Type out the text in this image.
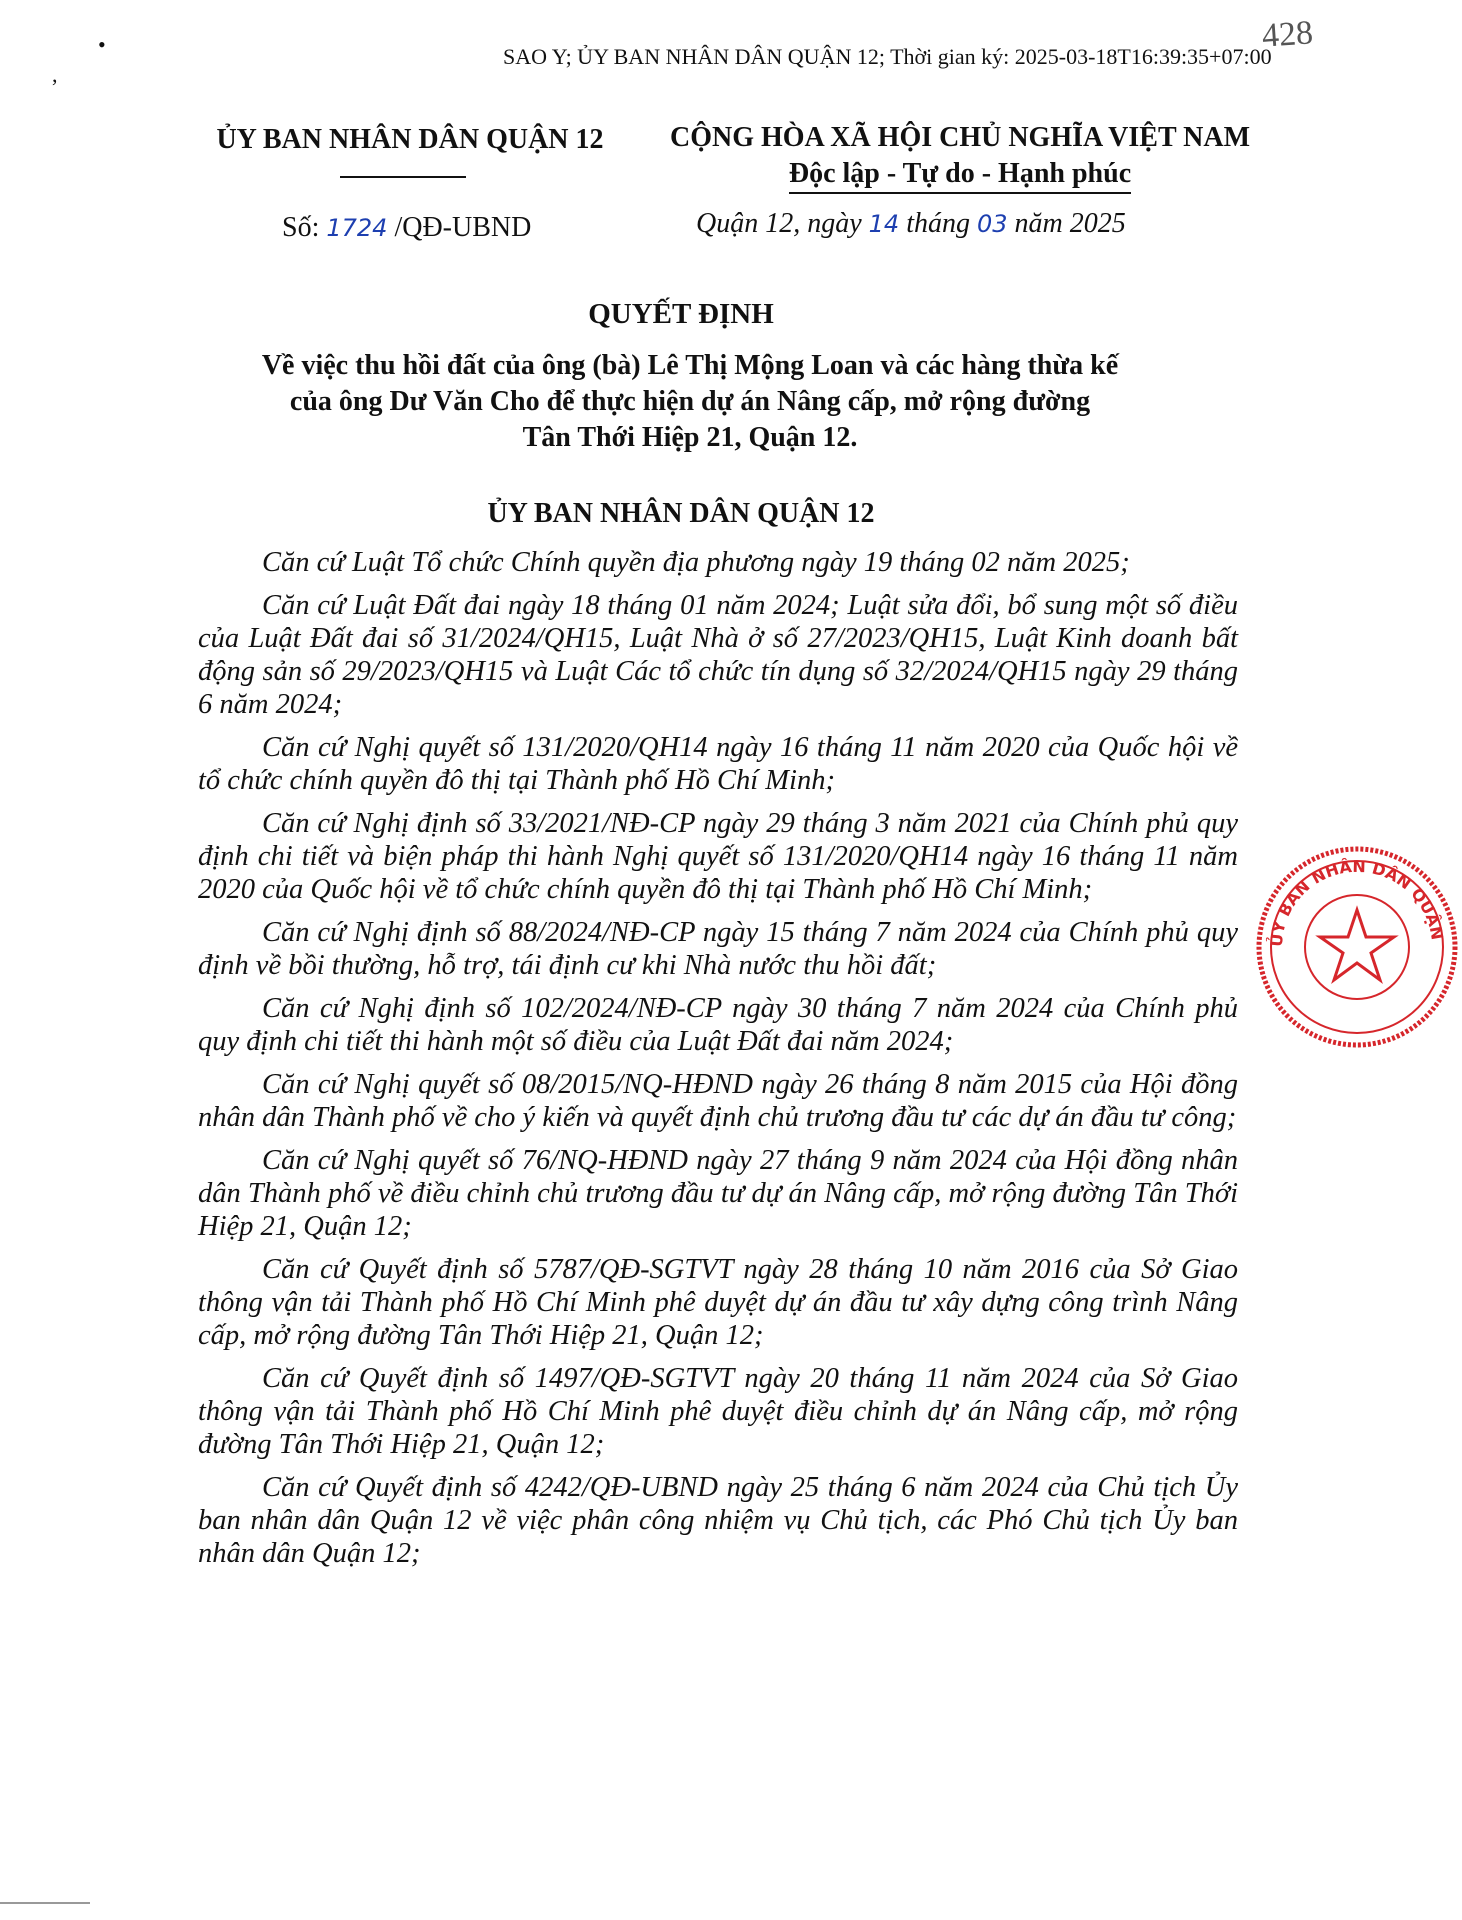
•
,
SAO Y; ỦY BAN NHÂN DÂN QUẬN 12; Thời gian ký: 2025-03-18T16:39:35+07:00
428
ỦY BAN NHÂN DÂN QUẬN 12	CỘNG HÒA XÃ HỘI CHỦ NGHĨA VIỆT NAM
Độc lập - Tự do - Hạnh phúc
Số: 1724 /QĐ-UBND	Quận 12, ngày 14 tháng 03 năm 2025
QUYẾT ĐỊNH
Về việc thu hồi đất của ông (bà) Lê Thị Mộng Loan và các hàng thừa kế
của ông Dư Văn Cho để thực hiện dự án Nâng cấp, mở rộng đường
Tân Thới Hiệp 21, Quận 12.
ỦY BAN NHÂN DÂN QUẬN 12

Căn cứ Luật Tổ chức Chính quyền địa phương ngày 19 tháng 02 năm 2025;

Căn cứ Luật Đất đai ngày 18 tháng 01 năm 2024; Luật sửa đổi, bổ sung một số điều của Luật Đất đai số 31/2024/QH15, Luật Nhà ở số 27/2023/QH15, Luật Kinh doanh bất động sản số 29/2023/QH15 và Luật Các tổ chức tín dụng số 32/2024/QH15 ngày 29 tháng 6 năm 2024;

Căn cứ Nghị quyết số 131/2020/QH14 ngày 16 tháng 11 năm 2020 của Quốc hội về tổ chức chính quyền đô thị tại Thành phố Hồ Chí Minh;

Căn cứ Nghị định số 33/2021/NĐ-CP ngày 29 tháng 3 năm 2021 của Chính phủ quy định chi tiết và biện pháp thi hành Nghị quyết số 131/2020/QH14 ngày 16 tháng 11 năm 2020 của Quốc hội về tổ chức chính quyền đô thị tại Thành phố Hồ Chí Minh;

Căn cứ Nghị định số 88/2024/NĐ-CP ngày 15 tháng 7 năm 2024 của Chính phủ quy định về bồi thường, hỗ trợ, tái định cư khi Nhà nước thu hồi đất;

Căn cứ Nghị định số 102/2024/NĐ-CP ngày 30 tháng 7 năm 2024 của Chính phủ quy định chi tiết thi hành một số điều của Luật Đất đai năm 2024;

Căn cứ Nghị quyết số 08/2015/NQ-HĐND ngày 26 tháng 8 năm 2015 của Hội đồng nhân dân Thành phố về cho ý kiến và quyết định chủ trương đầu tư các dự án đầu tư công;

Căn cứ Nghị quyết số 76/NQ-HĐND ngày 27 tháng 9 năm 2024 của Hội đồng nhân dân Thành phố về điều chỉnh chủ trương đầu tư dự án Nâng cấp, mở rộng đường Tân Thới Hiệp 21, Quận 12;

Căn cứ Quyết định số 5787/QĐ-SGTVT ngày 28 tháng 10 năm 2016 của Sở Giao thông vận tải Thành phố Hồ Chí Minh phê duyệt dự án đầu tư xây dựng công trình Nâng cấp, mở rộng đường Tân Thới Hiệp 21, Quận 12;

Căn cứ Quyết định số 1497/QĐ-SGTVT ngày 20 tháng 11 năm 2024 của Sở Giao thông vận tải Thành phố Hồ Chí Minh phê duyệt điều chỉnh dự án Nâng cấp, mở rộng đường Tân Thới Hiệp 21, Quận 12;

Căn cứ Quyết định số 4242/QĐ-UBND ngày 25 tháng 6 năm 2024 của Chủ tịch Ủy ban nhân dân Quận 12 về việc phân công nhiệm vụ Chủ tịch, các Phó Chủ tịch Ủy ban nhân dân Quận 12;

ỦY BAN NHÂN DÂN QUẬN
